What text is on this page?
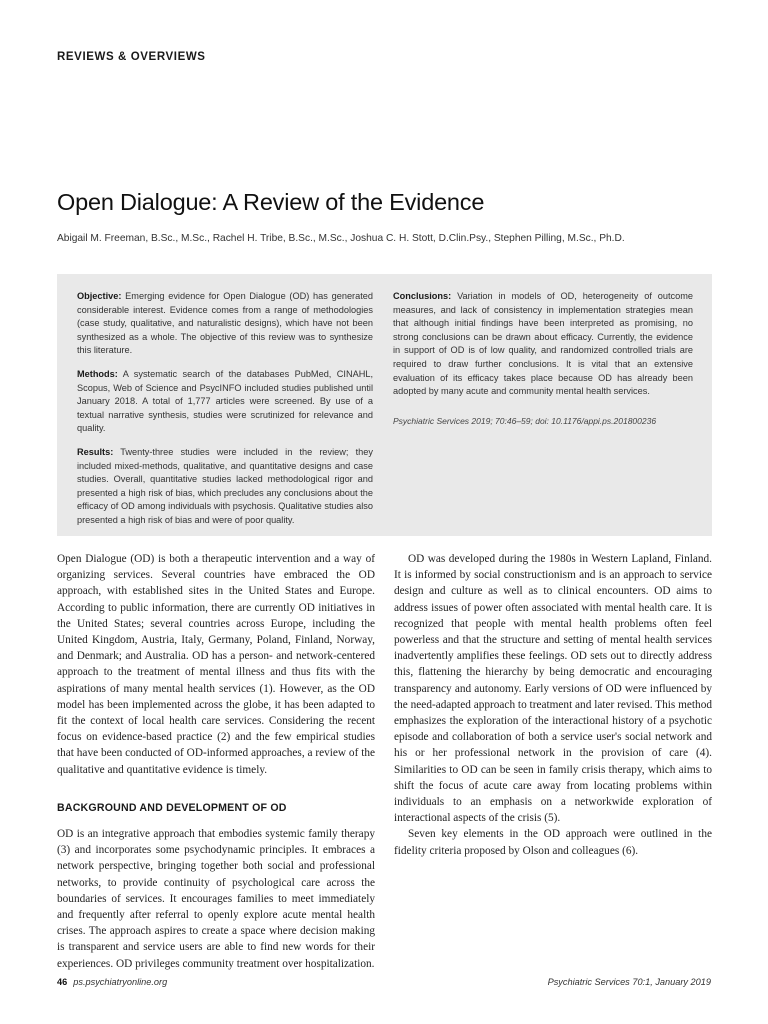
REVIEWS & OVERVIEWS
Open Dialogue: A Review of the Evidence
Abigail M. Freeman, B.Sc., M.Sc., Rachel H. Tribe, B.Sc., M.Sc., Joshua C. H. Stott, D.Clin.Psy., Stephen Pilling, M.Sc., Ph.D.

Objective: Emerging evidence for Open Dialogue (OD) has generated considerable interest. Evidence comes from a range of methodologies (case study, qualitative, and naturalistic designs), which have not been synthesized as a whole. The objective of this review was to synthesize this literature.

Methods: A systematic search of the databases PubMed, CINAHL, Scopus, Web of Science and PsycINFO included studies published until January 2018. A total of 1,777 articles were screened. By use of a textual narrative synthesis, studies were scrutinized for relevance and quality.

Results: Twenty-three studies were included in the review; they included mixed-methods, qualitative, and quantitative designs and case studies. Overall, quantitative studies lacked methodological rigor and presented a high risk of bias, which precludes any conclusions about the efficacy of OD among individuals with psychosis. Qualitative studies also presented a high risk of bias and were of poor quality.

Conclusions: Variation in models of OD, heterogeneity of outcome measures, and lack of consistency in implementation strategies mean that although initial findings have been interpreted as promising, no strong conclusions can be drawn about efficacy. Currently, the evidence in support of OD is of low quality, and randomized controlled trials are required to draw further conclusions. It is vital that an extensive evaluation of its efficacy takes place because OD has already been adopted by many acute and community mental health services.

Psychiatric Services 2019; 70:46–59; doi: 10.1176/appi.ps.201800236

Open Dialogue (OD) is both a therapeutic intervention and a way of organizing services. Several countries have embraced the OD approach, with established sites in the United States and Europe. According to public information, there are currently OD initiatives in the United States; several countries across Europe, including the United Kingdom, Austria, Italy, Germany, Poland, Finland, Norway, and Denmark; and Australia. OD has a person- and network-centered approach to the treatment of mental illness and thus fits with the aspirations of many mental health services (1). However, as the OD model has been implemented across the globe, it has been adapted to fit the context of local health care services. Considering the recent focus on evidence-based practice (2) and the few empirical studies that have been conducted of OD-informed approaches, a review of the qualitative and quantitative evidence is timely.

BACKGROUND AND DEVELOPMENT OF OD

OD is an integrative approach that embodies systemic family therapy (3) and incorporates some psychodynamic principles. It embraces a network perspective, bringing together both social and professional networks, to provide continuity of psychological care across the boundaries of services. It encourages families to meet immediately and frequently after referral to openly explore acute mental health crises. The approach aspires to create a space where decision making is transparent and service users are able to find new words for their experiences. OD privileges community treatment over hospitalization.

OD was developed during the 1980s in Western Lapland, Finland. It is informed by social constructionism and is an approach to service design and culture as well as to clinical encounters. OD aims to address issues of power often associated with mental health care. It is recognized that people with mental health problems often feel powerless and that the structure and setting of mental health services inadvertently amplifies these feelings. OD sets out to directly address this, flattening the hierarchy by being democratic and encouraging transparency and autonomy. Early versions of OD were influenced by the need-adapted approach to treatment and later revised. This method emphasizes the exploration of the interactional history of a psychotic episode and collaboration of both a service user's social network and his or her professional network in the provision of care (4). Similarities to OD can be seen in family crisis therapy, which aims to shift the focus of acute care away from locating problems within individuals to an emphasis on a networkwide exploration of interactional aspects of the crisis (5).

Seven key elements in the OD approach were outlined in the fidelity criteria proposed by Olson and colleagues (6).

46 ps.psychiatryonline.org	Psychiatric Services 70:1, January 2019
